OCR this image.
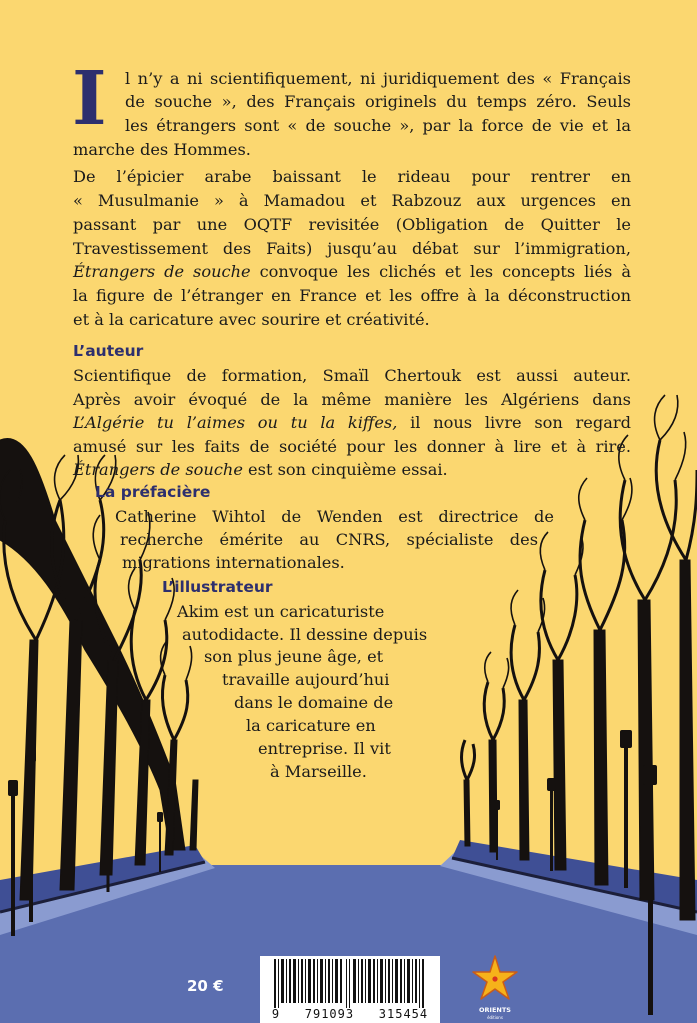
I l n’y a ni scientifiquement, ni juridiquement des « Français
de souche », des Français originels du temps zéro. Seuls
les étrangers sont « de souche », par la force de vie et la
marche des Hommes.
De l’épicier arabe baissant le rideau pour rentrer en
« Musulmanie » à Mamadou et Rabzouz aux urgences en
passant par une OQTF revisitée (Obligation de Quitter le
Travestissement des Faits) jusqu’au débat sur l’immigration,
Étrangers de souche convoque les clichés et les concepts liés à
la figure de l’étranger en France et les offre à la déconstruction
et à la caricature avec sourire et créativité.
L’auteur
Scientifique de formation, Smaïl Chertouk est aussi auteur.
Après avoir évoqué de la même manière les Algériens dans
L’Algérie tu l’aimes ou tu la kiffes, il nous livre son regard
amusé sur les faits de société pour les donner à lire et à rire.
Étrangers de souche est son cinquième essai.
La préfacière
Catherine Wihtol de Wenden est directrice de
recherche émérite au CNRS, spécialiste des
migrations internationales.
L’illustrateur
Akim est un caricaturiste
autodidacte. Il dessine depuis
son plus jeune âge, et
travaille aujourd’hui
dans le domaine de
la caricature en
entreprise. Il vit
à Marseille.
20 €
9   791093   315454	ORIENTS
éditions
